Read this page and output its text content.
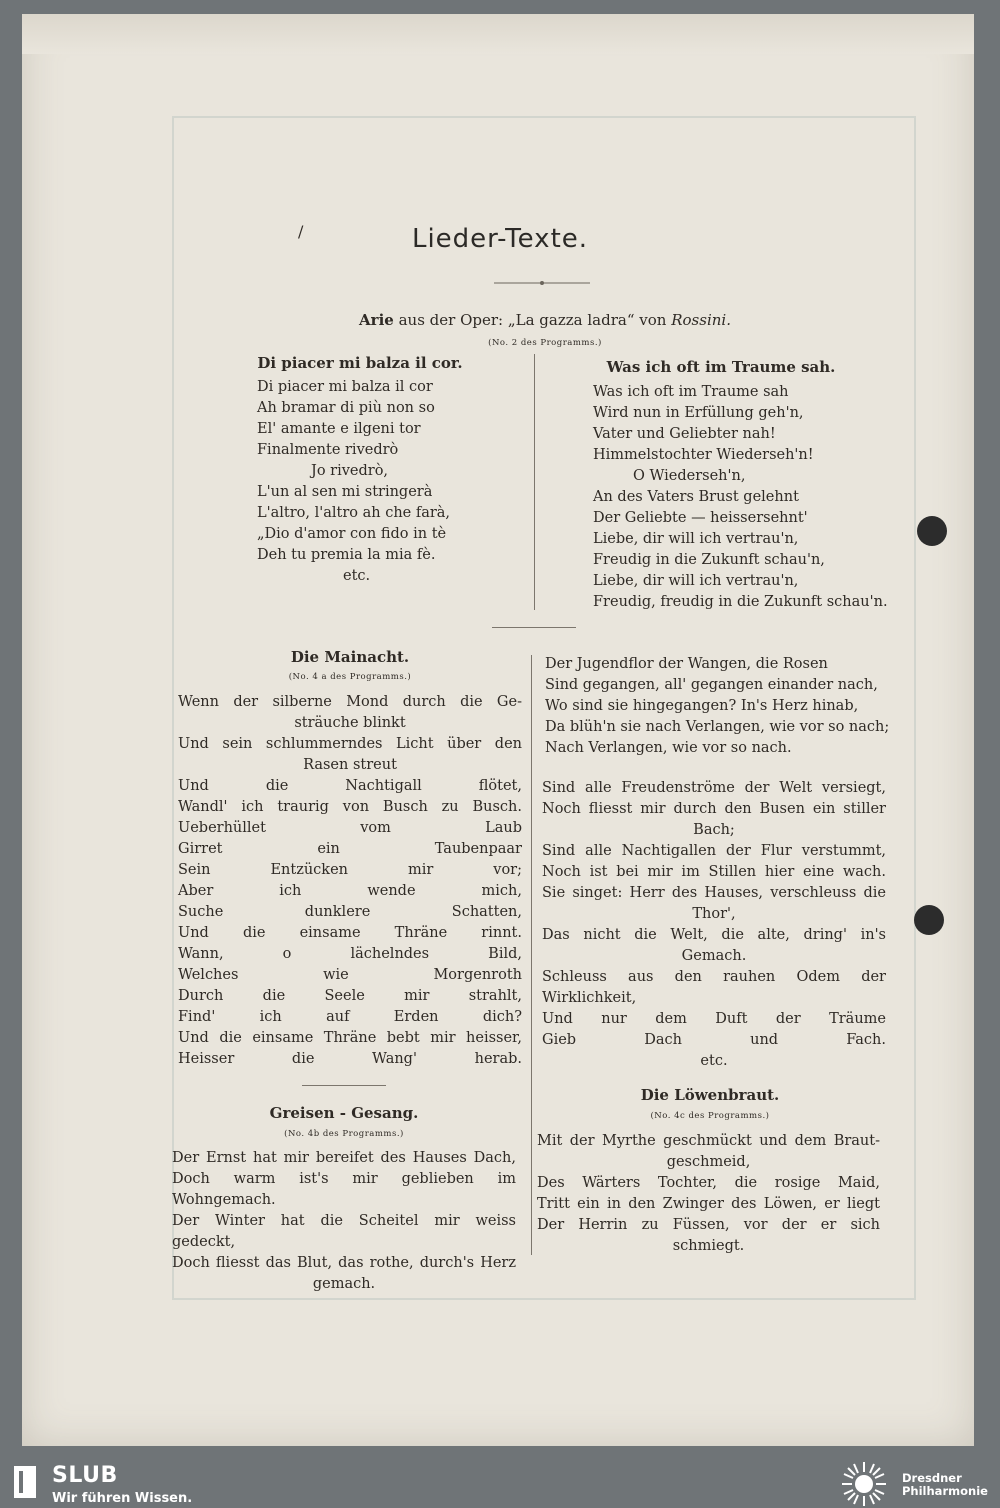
/	Lieder-Texte.
Arie aus der Oper: „La gazza ladra“ von Rossini.
(No. 2 des Programms.)
Di piacer mi balza il cor.
Di piacer mi balza il cor
Ah bramar di più non so
El' amante e ilgeni tor
Finalmente rivedrò
Jo rivedrò,
L'un al sen mi stringerà
L'altro, l'altro ah che farà,
„Dio d'amor con fido in tè
Deh tu premia la mia fè.
etc.
Was ich oft im Traume sah.
Was ich oft im Traume sah
Wird nun in Erfüllung geh'n,
Vater und Geliebter nah!
Himmelstochter Wiederseh'n!
O Wiederseh'n,
An des Vaters Brust gelehnt
Der Geliebte — heissersehnt'
Liebe, dir will ich vertrau'n,
Freudig in die Zukunft schau'n,
Liebe, dir will ich vertrau'n,
Freudig, freudig in die Zukunft schau'n.
Die Mainacht.
(No. 4 a des Programms.)
Wenn der silberne Mond durch die Ge-
sträuche blinkt
Und sein schlummerndes Licht über den
Rasen streut
Und die Nachtigall flötet,
Wandl' ich traurig von Busch zu Busch.
Ueberhüllet vom Laub
Girret ein Taubenpaar
Sein Entzücken mir vor;
Aber ich wende mich,
Suche dunklere Schatten,
Und die einsame Thräne rinnt.
Wann, o lächelndes Bild,
Welches wie Morgenroth
Durch die Seele mir strahlt,
Find' ich auf Erden dich?
Und die einsame Thräne bebt mir heisser,
Heisser die Wang' herab.
Der Jugendflor der Wangen, die Rosen
Sind gegangen, all' gegangen einander nach,
Wo sind sie hingegangen? In's Herz hinab,
Da blüh'n sie nach Verlangen, wie vor so nach;
Nach Verlangen, wie vor so nach.
Sind alle Freudenströme der Welt versiegt,
Noch fliesst mir durch den Busen ein stiller
Bach;
Sind alle Nachtigallen der Flur verstummt,
Noch ist bei mir im Stillen hier eine wach.
Sie singet: Herr des Hauses, verschleuss die
Thor',
Das nicht die Welt, die alte, dring' in's
Gemach.
Schleuss aus den rauhen Odem der Wirklichkeit,
Und nur dem Duft der Träume
Gieb Dach und Fach.
etc.
Greisen - Gesang.
(No. 4b des Programms.)
Der Ernst hat mir bereifet des Hauses Dach,
Doch warm ist's mir geblieben im Wohngemach.
Der Winter hat die Scheitel mir weiss gedeckt,
Doch fliesst das Blut, das rothe, durch's Herz
gemach.
Die Löwenbraut.
(No. 4c des Programms.)
Mit der Myrthe geschmückt und dem Braut-
geschmeid,
Des Wärters Tochter, die rosige Maid,
Tritt ein in den Zwinger des Löwen, er liegt
Der Herrin zu Füssen, vor der er sich
schmiegt.
SLUB
Wir führen Wissen.
Dresdner
Philharmonie
